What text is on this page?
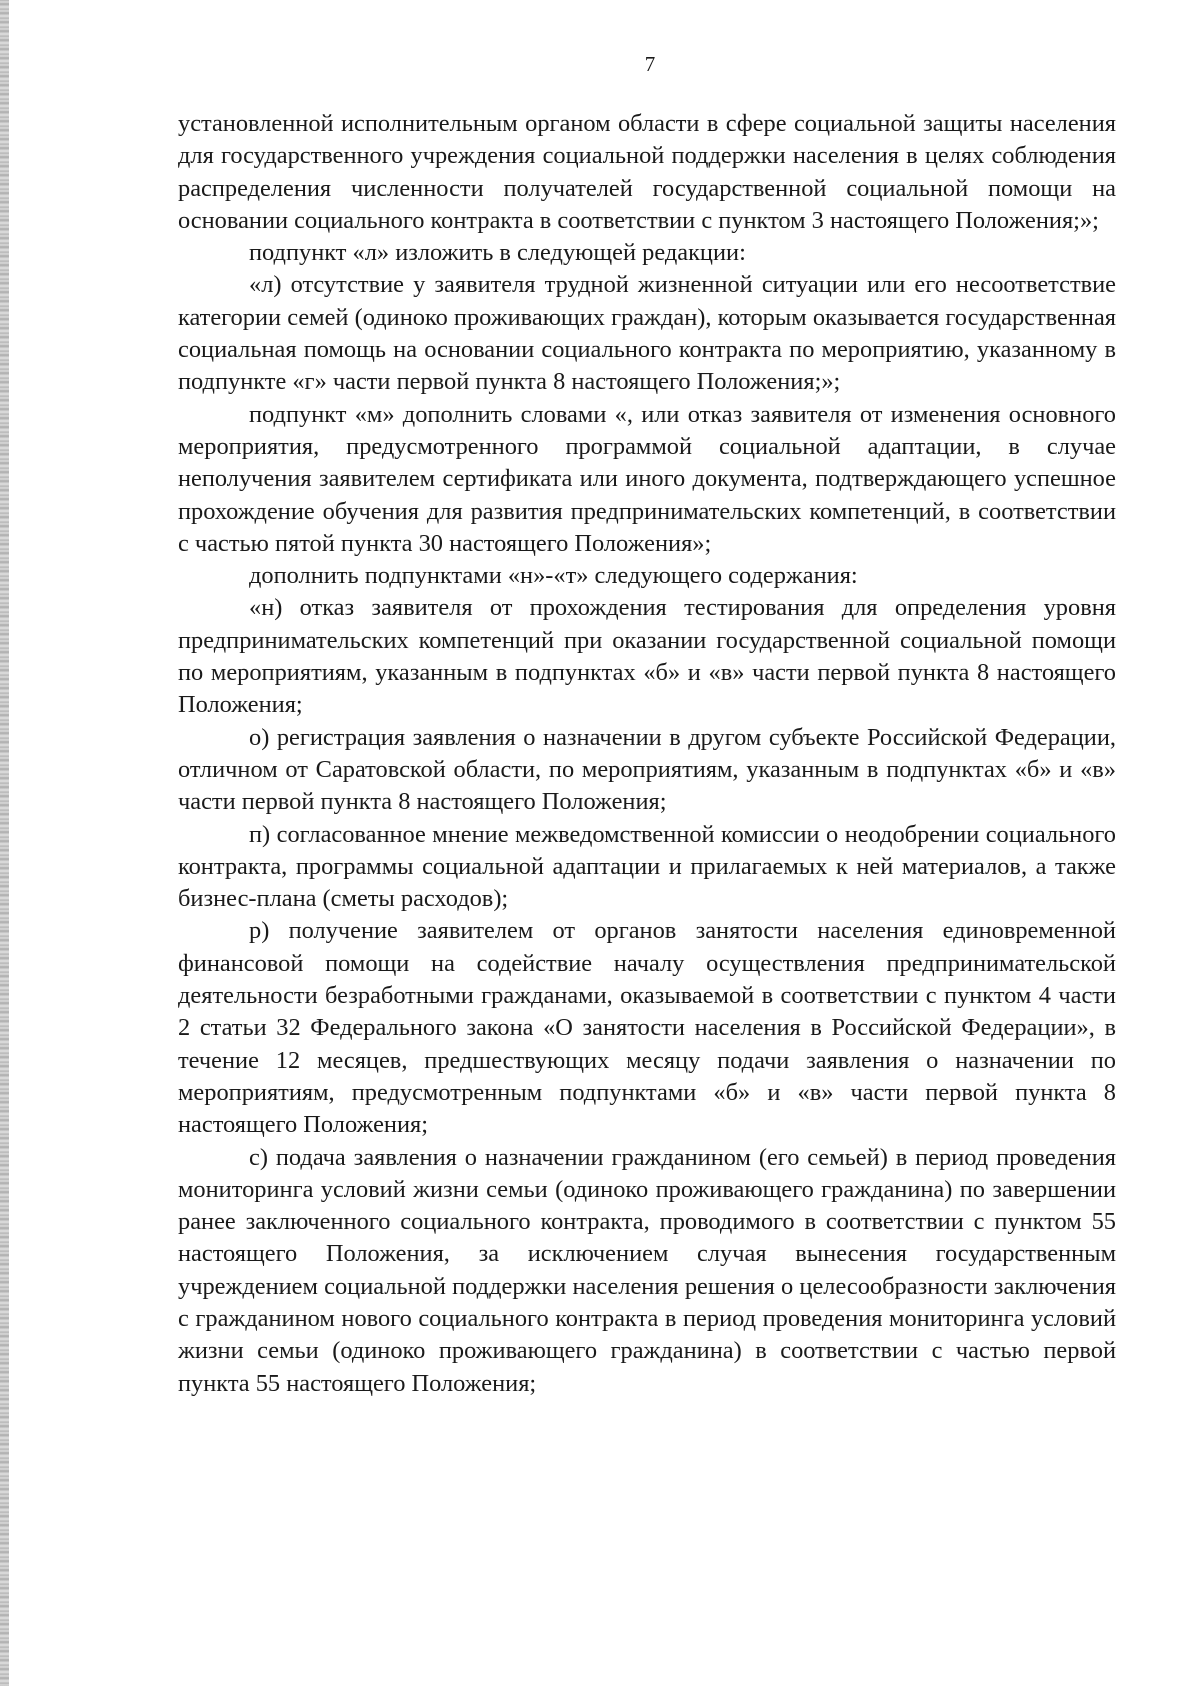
7

установленной исполнительным органом области в сфере социальной защиты населения для государственного учреждения социальной поддержки населения в целях соблюдения распределения численности получателей государственной социальной помощи на основании социального контракта в соответствии с пунктом 3 настоящего Положения;»;

подпункт «л» изложить в следующей редакции:

«л) отсутствие у заявителя трудной жизненной ситуации или его несоответствие категории семей (одиноко проживающих граждан), которым оказывается государственная социальная помощь на основании социального контракта по мероприятию, указанному в подпункте «г» части первой пункта 8 настоящего Положения;»;

подпункт «м» дополнить словами «, или отказ заявителя от изменения основного мероприятия, предусмотренного программой социальной адаптации, в случае неполучения заявителем сертификата или иного документа, подтверждающего успешное прохождение обучения для развития предпринимательских компетенций, в соответствии с частью пятой пункта 30 настоящего Положения»;

дополнить подпунктами «н»-«т» следующего содержания:

«н) отказ заявителя от прохождения тестирования для определения уровня предпринимательских компетенций при оказании государственной социальной помощи по мероприятиям, указанным в подпунктах «б» и «в» части первой пункта 8 настоящего Положения;

о) регистрация заявления о назначении в другом субъекте Российской Федерации, отличном от Саратовской области, по мероприятиям, указанным в подпунктах «б» и «в» части первой пункта 8 настоящего Положения;

п) согласованное мнение межведомственной комиссии о неодобрении социального контракта, программы социальной адаптации и прилагаемых к ней материалов, а также бизнес-плана (сметы расходов);

р) получение заявителем от органов занятости населения единовременной финансовой помощи на содействие началу осуществления предпринимательской деятельности безработными гражданами, оказываемой в соответствии с пунктом 4 части 2 статьи 32 Федерального закона «О занятости населения в Российской Федерации», в течение 12 месяцев, предшествующих месяцу подачи заявления о назначении по мероприятиям, предусмотренным подпунктами «б» и «в» части первой пункта 8 настоящего Положения;

с) подача заявления о назначении гражданином (его семьей) в период проведения мониторинга условий жизни семьи (одиноко проживающего гражданина) по завершении ранее заключенного социального контракта, проводимого в соответствии с пунктом 55 настоящего Положения, за исключением случая вынесения государственным учреждением социальной поддержки населения решения о целесообразности заключения с гражданином нового социального контракта в период проведения мониторинга условий жизни семьи (одиноко проживающего гражданина) в соответствии с частью первой пункта 55 настоящего Положения;
